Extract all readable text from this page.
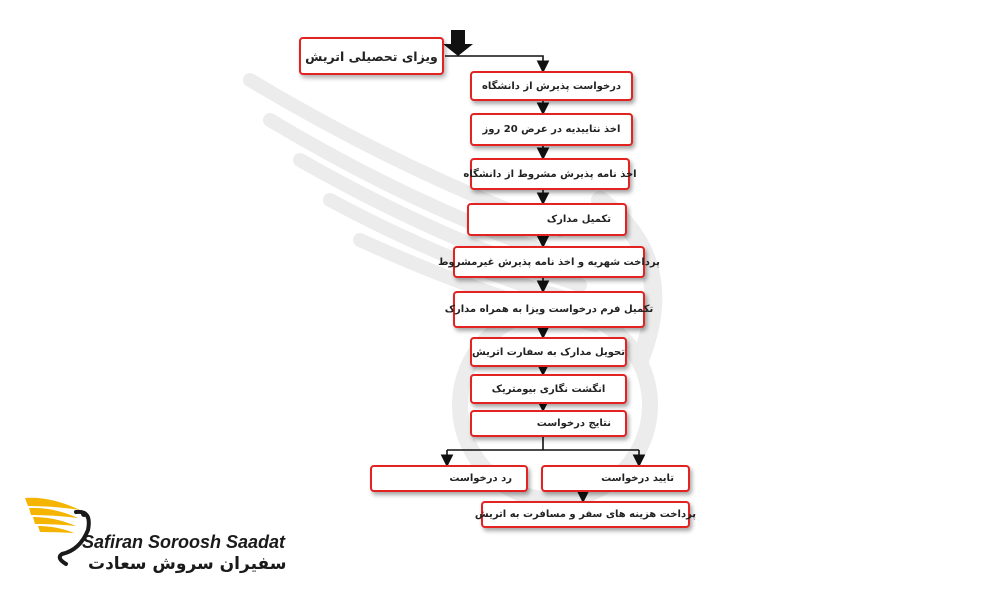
ویزای تحصیلی اتریش
درخواست پذیرش از دانشگاه
اخذ نتاییدیه در عرض 20 روز
اخذ نامه پذیرش مشروط از دانشگاه
تکمیل مدارک
پرداخت شهریه و اخذ نامه پذیرش غیرمشروط
تکمیل فرم درخواست ویزا به همراه مدارک
تحویل مدارک به سفارت اتریش
انگشت نگاری بیومتریک
نتایج درخواست
رد درخواست	تایید درخواست
پرداخت هزینه های سفر و مسافرت به اتریش
Safiran Soroosh Saadat
سفیران سروش سعادت
